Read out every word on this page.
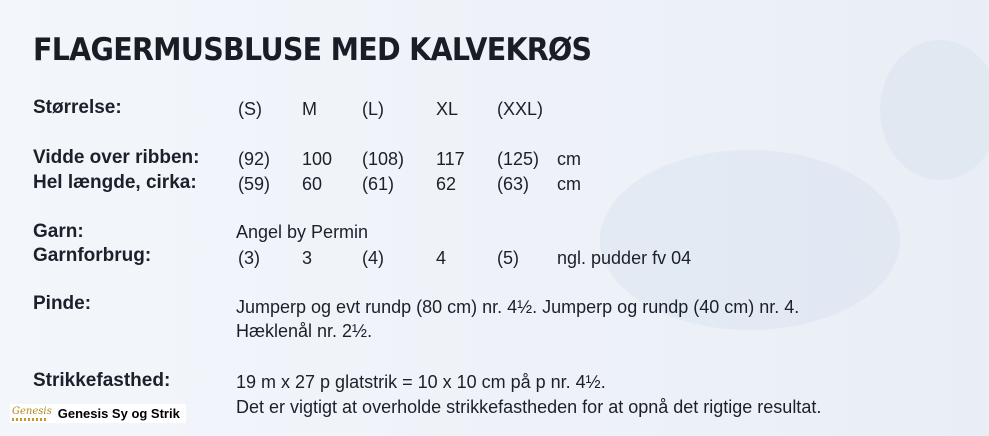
FLAGERMUSBLUSE MED KALVEKRØS
Størrelse:	(S) M	(L)	XL (XXL)
Vidde over ribben: (92) 100 (108) 117 (125) cm
Hel længde, cirka: (59) 60 (61) 62 (63) cm
Garn:	Angel by Permin
Garnforbrug:	(3) 3	(4)	4	(5) ngl. pudder fv 04
Pinde:	Jumperp og evt rundp (80 cm) nr. 4½. Jumperp og rundp (40 cm) nr. 4.
Hæklenål nr. 2½.
Strikkefasthed:	19 m x 27 p glatstrik = 10 x 10 cm på p nr. 4½.
Det er vigtigt at overholde strikkefastheden for at opnå det rigtige resultat.
Genesis Genesis Sy og Strik
